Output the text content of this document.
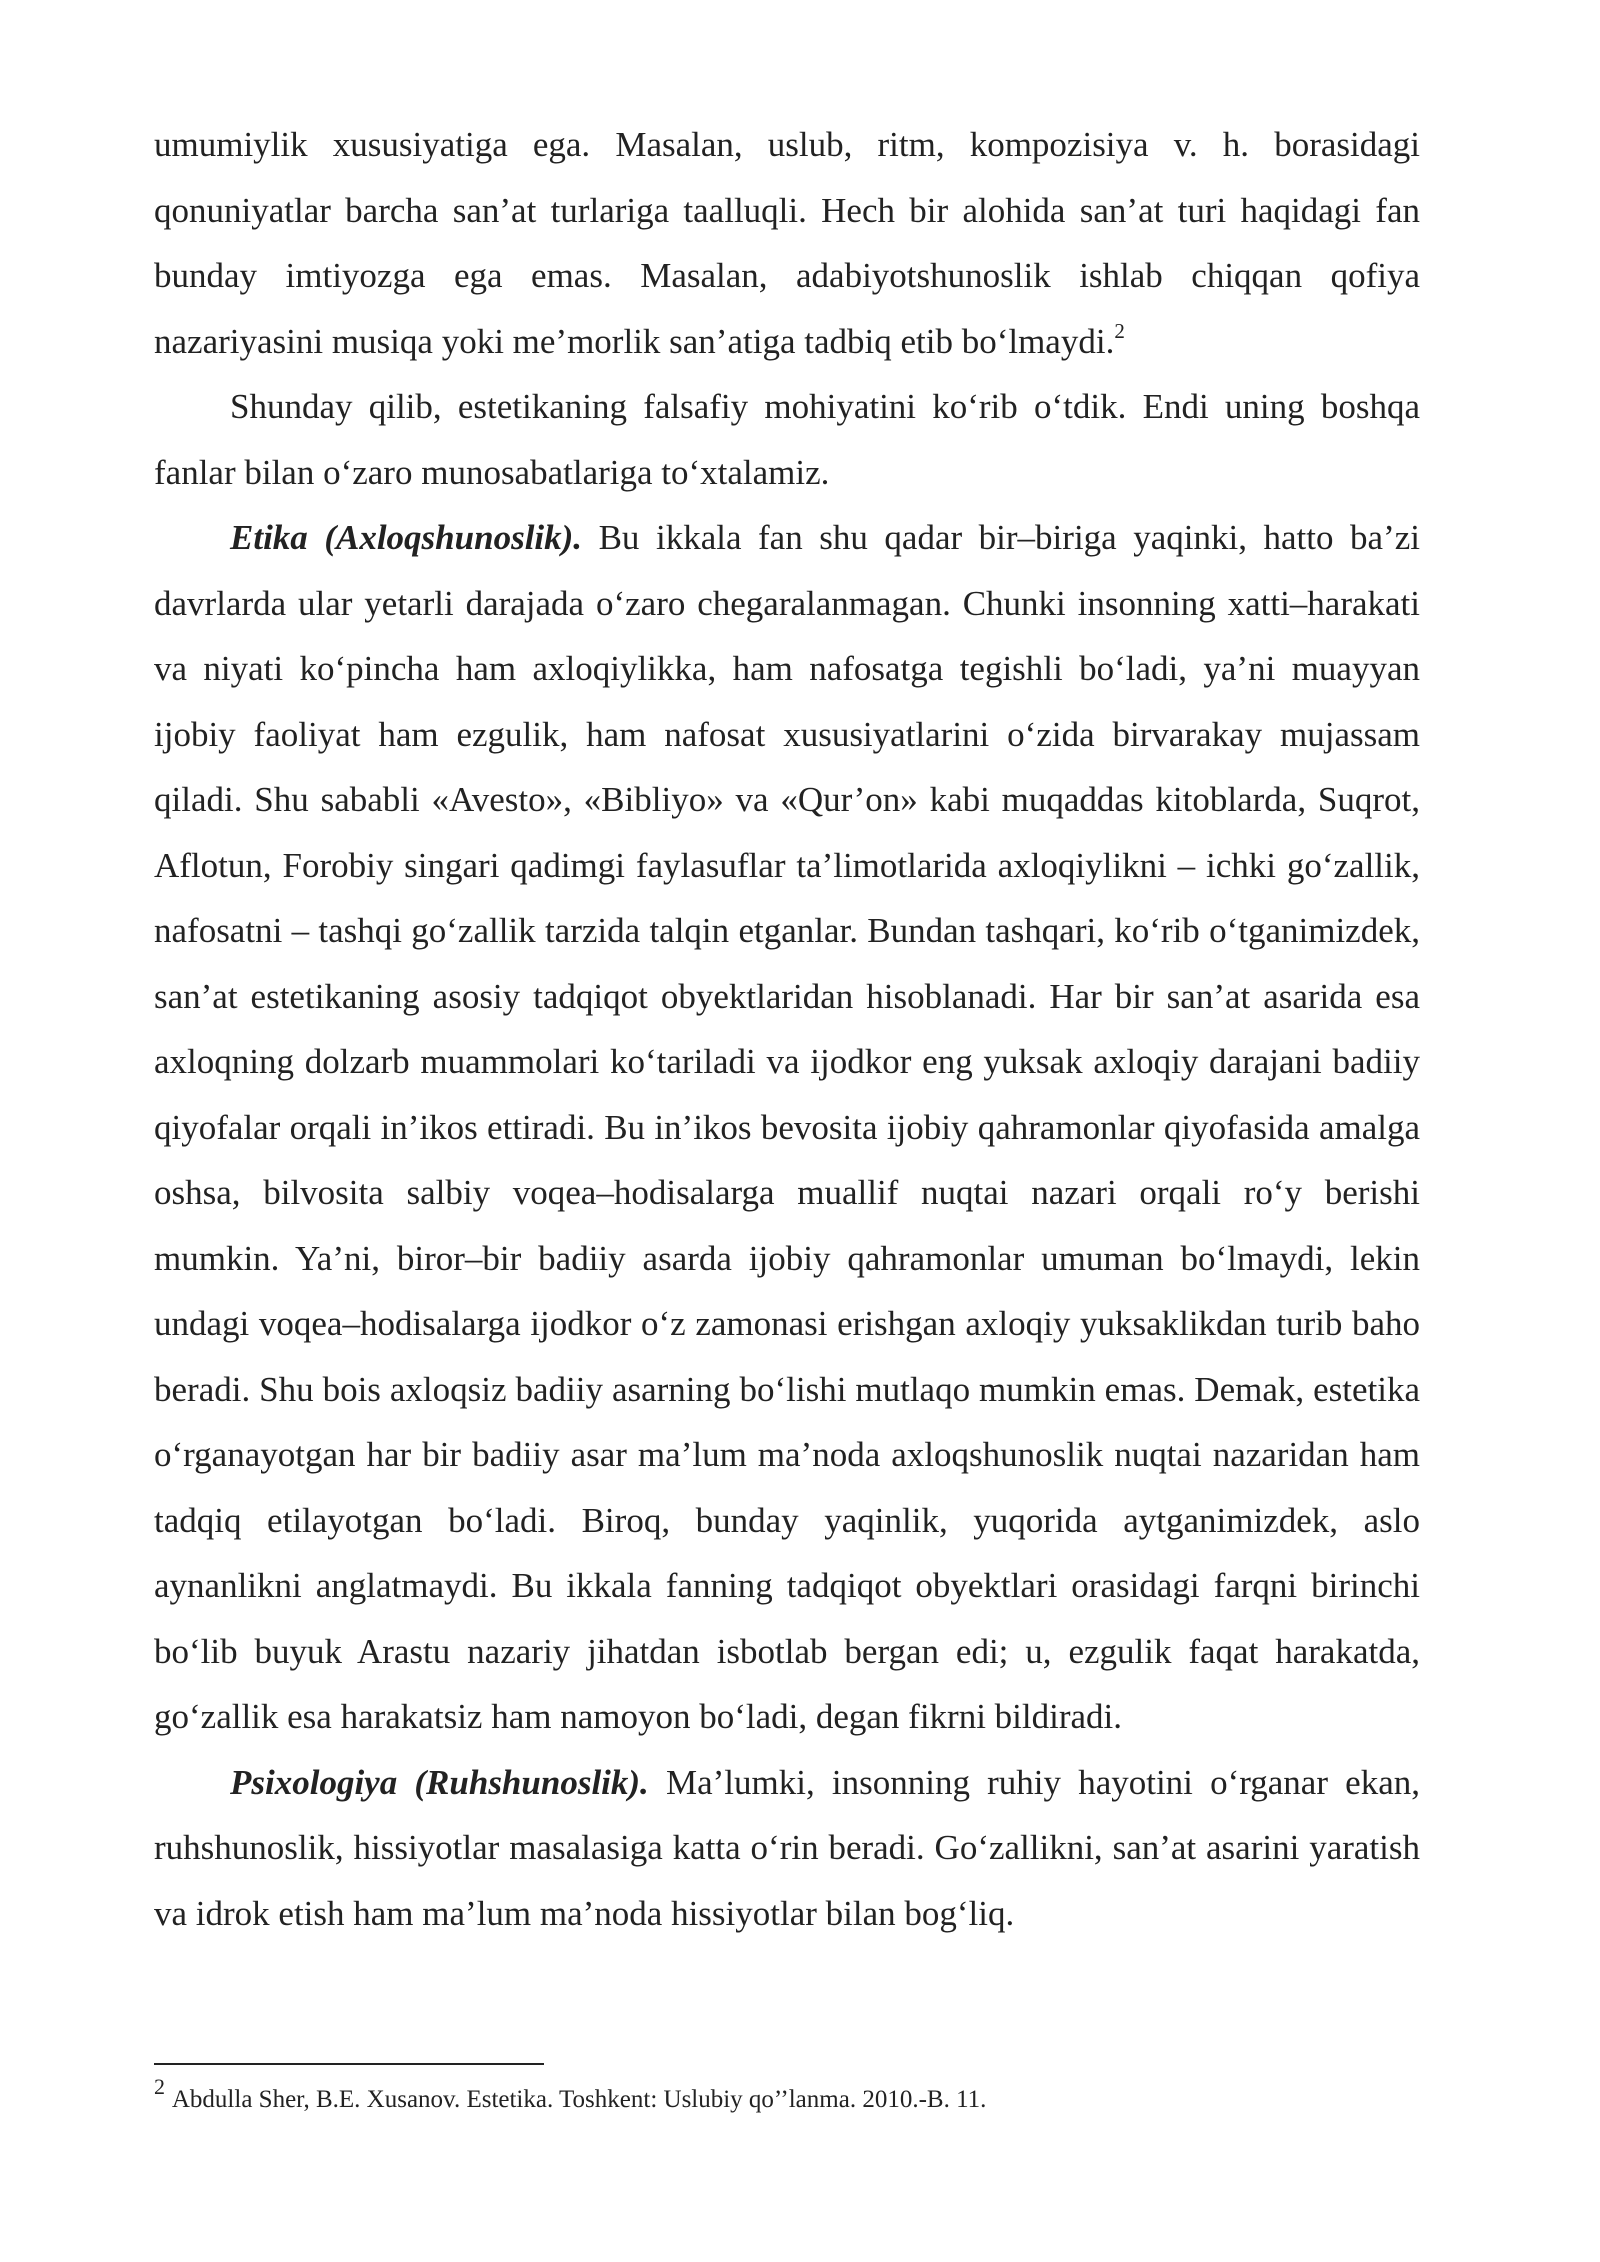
umumiylik xususiyatiga ega. Masalan, uslub, ritm, kompozisiya v. h. borasidagi qonuniyatlar barcha san’at turlariga taalluqli. Hech bir alohida san’at turi haqidagi fan bunday imtiyozga ega emas. Masalan, adabiyotshunoslik ishlab chiqqan qofiya nazariyasini musiqa yoki me’morlik san’atiga tadbiq etib bo‘lmaydi.$^2$

Shunday qilib, estetikaning falsafiy mohiyatini ko‘rib o‘tdik. Endi uning boshqa fanlar bilan o‘zaro munosabatlariga to‘xtalamiz.

Etika (Axloqshunoslik). Bu ikkala fan shu qadar bir–biriga yaqinki, hatto ba’zi davrlarda ular yetarli darajada o‘zaro chegaralanmagan. Chunki insonning xatti–harakati va niyati ko‘pincha ham axloqiylikka, ham nafosatga tegishli bo‘ladi, ya’ni muayyan ijobiy faoliyat ham ezgulik, ham nafosat xususiyatlarini o‘zida birvarakay mujassam qiladi. Shu sababli «Avesto», «Bibliyo» va «Qur’on» kabi muqaddas kitoblarda, Suqrot, Aflotun, Forobiy singari qadimgi faylasuflar ta’limotlarida axloqiylikni – ichki go‘zallik, nafosatni – tashqi go‘zallik tarzida talqin etganlar. Bundan tashqari, ko‘rib o‘tganimizdek, san’at estetikaning asosiy tadqiqot obyektlaridan hisoblanadi. Har bir san’at asarida esa axloqning dolzarb muammolari ko‘tariladi va ijodkor eng yuksak axloqiy darajani badiiy qiyofalar orqali in’ikos ettiradi. Bu in’ikos bevosita ijobiy qahramonlar qiyofasida amalga oshsa, bilvosita salbiy voqea–hodisalarga muallif nuqtai nazari orqali ro‘y berishi mumkin. Ya’ni, biror–bir badiiy asarda ijobiy qahramonlar umuman bo‘lmaydi, lekin undagi voqea–hodisalarga ijodkor o‘z zamonasi erishgan axloqiy yuksaklikdan turib baho beradi. Shu bois axloqsiz badiiy asarning bo‘lishi mutlaqo mumkin emas. Demak, estetika o‘rganayotgan har bir badiiy asar ma’lum ma’noda axloqshunoslik nuqtai nazaridan ham tadqiq etilayotgan bo‘ladi. Biroq, bunday yaqinlik, yuqorida aytganimizdek, aslo aynanlikni anglatmaydi. Bu ikkala fanning tadqiqot obyektlari orasidagi farqni birinchi bo‘lib buyuk Arastu nazariy jihatdan isbotlab bergan edi; u, ezgulik faqat harakatda, go‘zallik esa harakatsiz ham namoyon bo‘ladi, degan fikrni bildiradi.

Psixologiya (Ruhshunoslik). Ma’lumki, insonning ruhiy hayotini o‘rganar ekan, ruhshunoslik, hissiyotlar masalasiga katta o‘rin beradi. Go‘zallikni, san’at asarini yaratish va idrok etish ham ma’lum ma’noda hissiyotlar bilan bog‘liq.

$^2$ Abdulla Sher, B.E. Xusanov. Estetika. Toshkent: Uslubiy qo’’lanma. 2010.-B. 11.
